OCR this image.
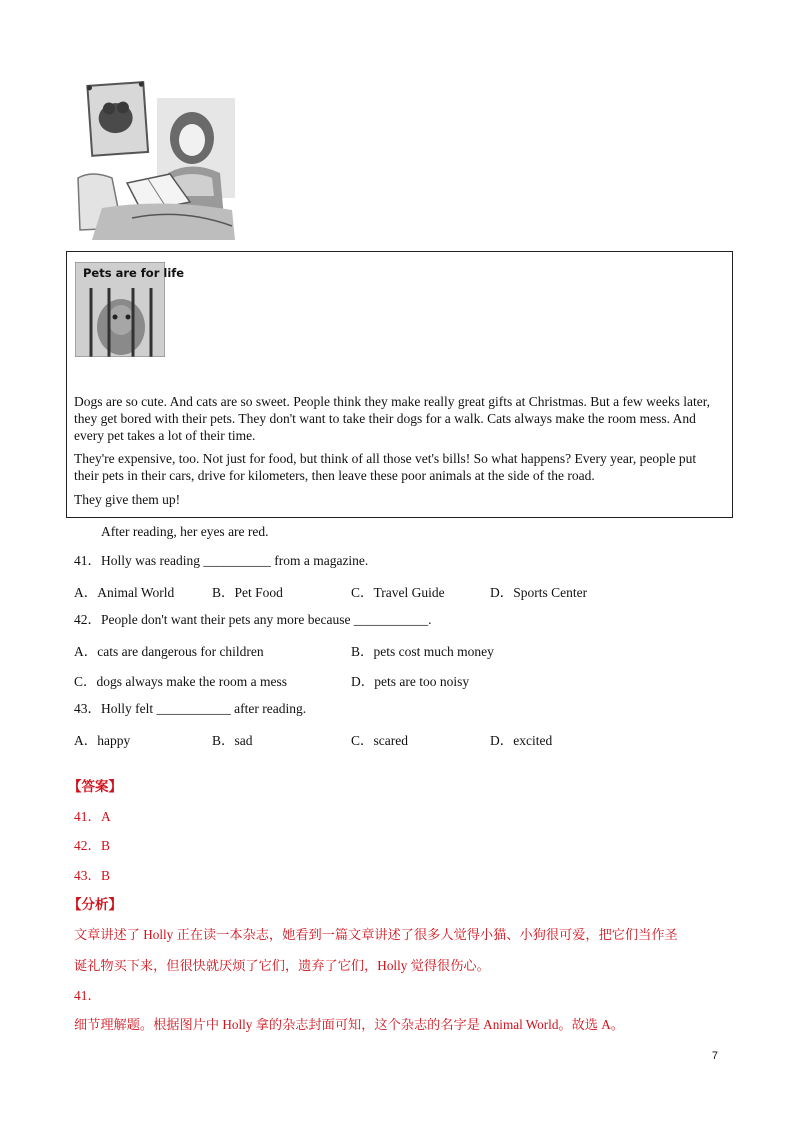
Pets are for life
Dogs are so cute. And cats are so sweet. People think they make really great gifts at Christmas. But a few weeks later, they get bored with their pets. They don't want to take their dogs for a walk. Cats always make the room mess. And every pet takes a lot of their time.
They're expensive, too. Not just for food, but think of all those vet's bills! So what happens? Every year, people put their pets in their cars, drive for kilometers, then leave these poor animals at the side of the road.
They give them up!
After reading, her eyes are red.
41．Holly was reading __________ from a magazine.
A．Animal World	B．Pet Food	C．Travel Guide	D．Sports Center
42．People don't want their pets any more because ___________.
A．cats are dangerous for children	B．pets cost much money
C．dogs always make the room a mess	D．pets are too noisy
43．Holly felt ___________ after reading.
A．happy	B．sad	C．scared	D．excited
【答案】
41．A
42．B
43．B
【分析】
文章讲述了 Holly 正在读一本杂志，她看到一篇文章讲述了很多人觉得小猫、小狗很可爱，把它们当作圣
诞礼物买下来，但很快就厌烦了它们，遗弃了它们，Holly 觉得很伤心。
41．
细节理解题。根据图片中 Holly 拿的杂志封面可知，这个杂志的名字是 Animal World。故选 A。
7
